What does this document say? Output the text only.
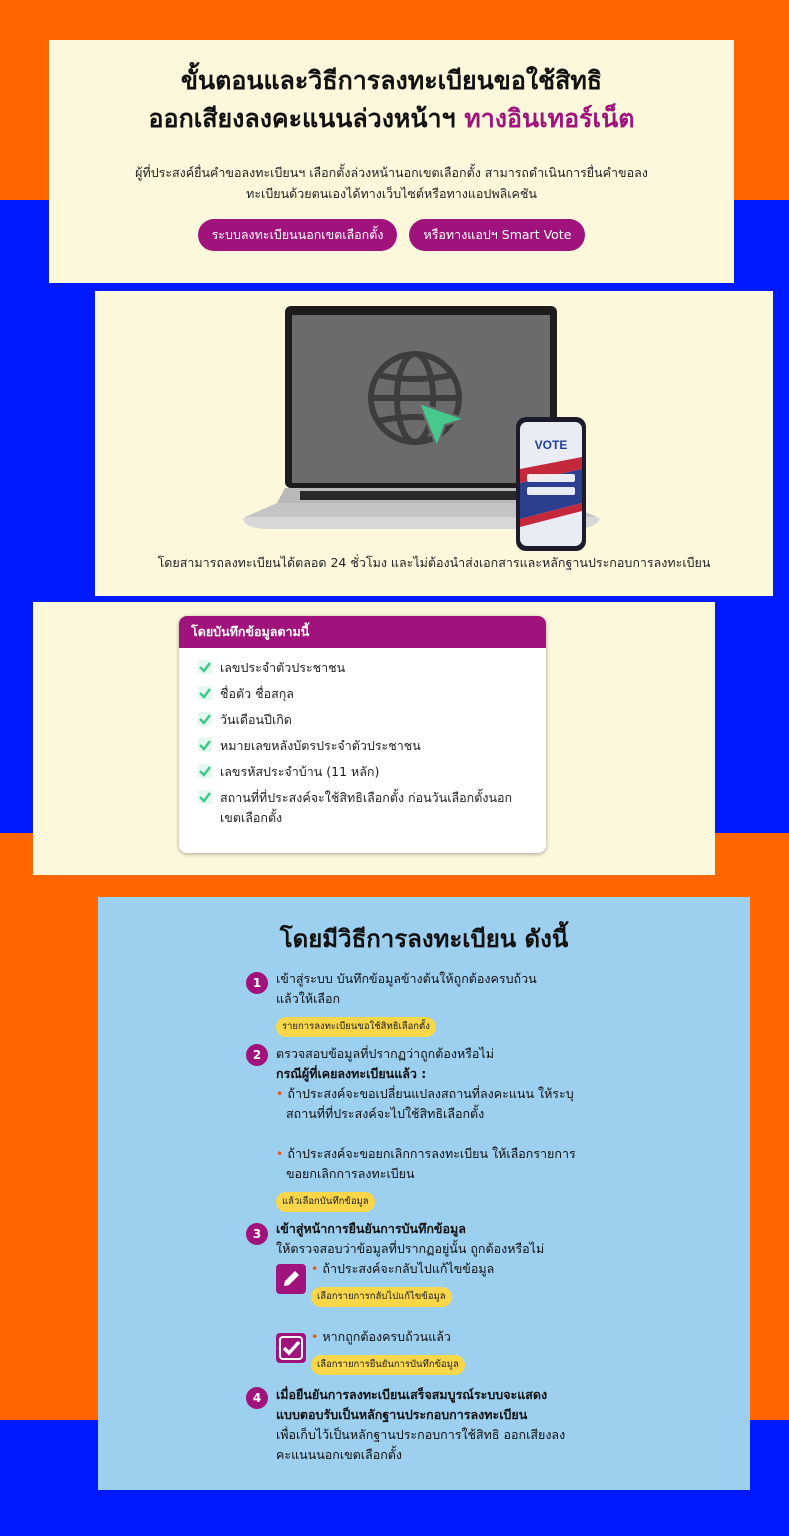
ขั้นตอนและวิธีการลงทะเบียนขอใช้สิทธิ
ออกเสียงลงคะแนนล่วงหน้าฯ ทางอินเทอร์เน็ต

ผู้ที่ประสงค์ยื่นคำขอลงทะเบียนฯ เลือกตั้งล่วงหน้านอกเขตเลือกตั้ง สามารถดำเนินการยื่นคำขอลง
ทะเบียนด้วยตนเองได้ทางเว็บไซต์หรือทางแอปพลิเคชัน

ระบบลงทะเบียนนอกเขตเลือกตั้ง	หรือทางแอปฯ Smart Vote
VOTE

โดยสามารถลงทะเบียนได้ตลอด 24 ชั่วโมง และไม่ต้องนำส่งเอกสารและหลักฐานประกอบการลงทะเบียน

โดยบันทึกข้อมูลตามนี้
เลขประจำตัวประชาชน
ชื่อตัว ชื่อสกุล
วันเดือนปีเกิด
หมายเลขหลังบัตรประจำตัวประชาชน
เลขรหัสประจำบ้าน (11 หลัก)
สถานที่ที่ประสงค์จะใช้สิทธิเลือกตั้ง ก่อนวันเลือกตั้งนอก
เขตเลือกตั้ง
โดยมีวิธีการลงทะเบียน ดังนี้
1	เข้าสู่ระบบ บันทึกข้อมูลข้างต้นให้ถูกต้องครบถ้วน
แล้วให้เลือก
รายการลงทะเบียนขอใช้สิทธิเลือกตั้ง
2	ตรวจสอบข้อมูลที่ปรากฏว่าถูกต้องหรือไม่
กรณีผู้ที่เคยลงทะเบียนแล้ว :
• ถ้าประสงค์จะขอเปลี่ยนแปลงสถานที่ลงคะแนน ให้ระบุ
สถานที่ที่ประสงค์จะไปใช้สิทธิเลือกตั้ง
• ถ้าประสงค์จะขอยกเลิกการลงทะเบียน ให้เลือกรายการ
ขอยกเลิกการลงทะเบียน
แล้วเลือกบันทึกข้อมูล
3	เข้าสู่หน้าการยืนยันการบันทึกข้อมูล
ให้ตรวจสอบว่าข้อมูลที่ปรากฏอยู่นั้น ถูกต้องหรือไม่
• ถ้าประสงค์จะกลับไปแก้ไขข้อมูล
เลือกรายการกลับไปแก้ไขข้อมูล
• หากถูกต้องครบถ้วนแล้ว
เลือกรายการยืนยันการบันทึกข้อมูล
4	เมื่อยืนยันการลงทะเบียนเสร็จสมบูรณ์ระบบจะแสดง
แบบตอบรับเป็นหลักฐานประกอบการลงทะเบียน
เพื่อเก็บไว้เป็นหลักฐานประกอบการใช้สิทธิ ออกเสียงลง
คะแนนนอกเขตเลือกตั้ง
